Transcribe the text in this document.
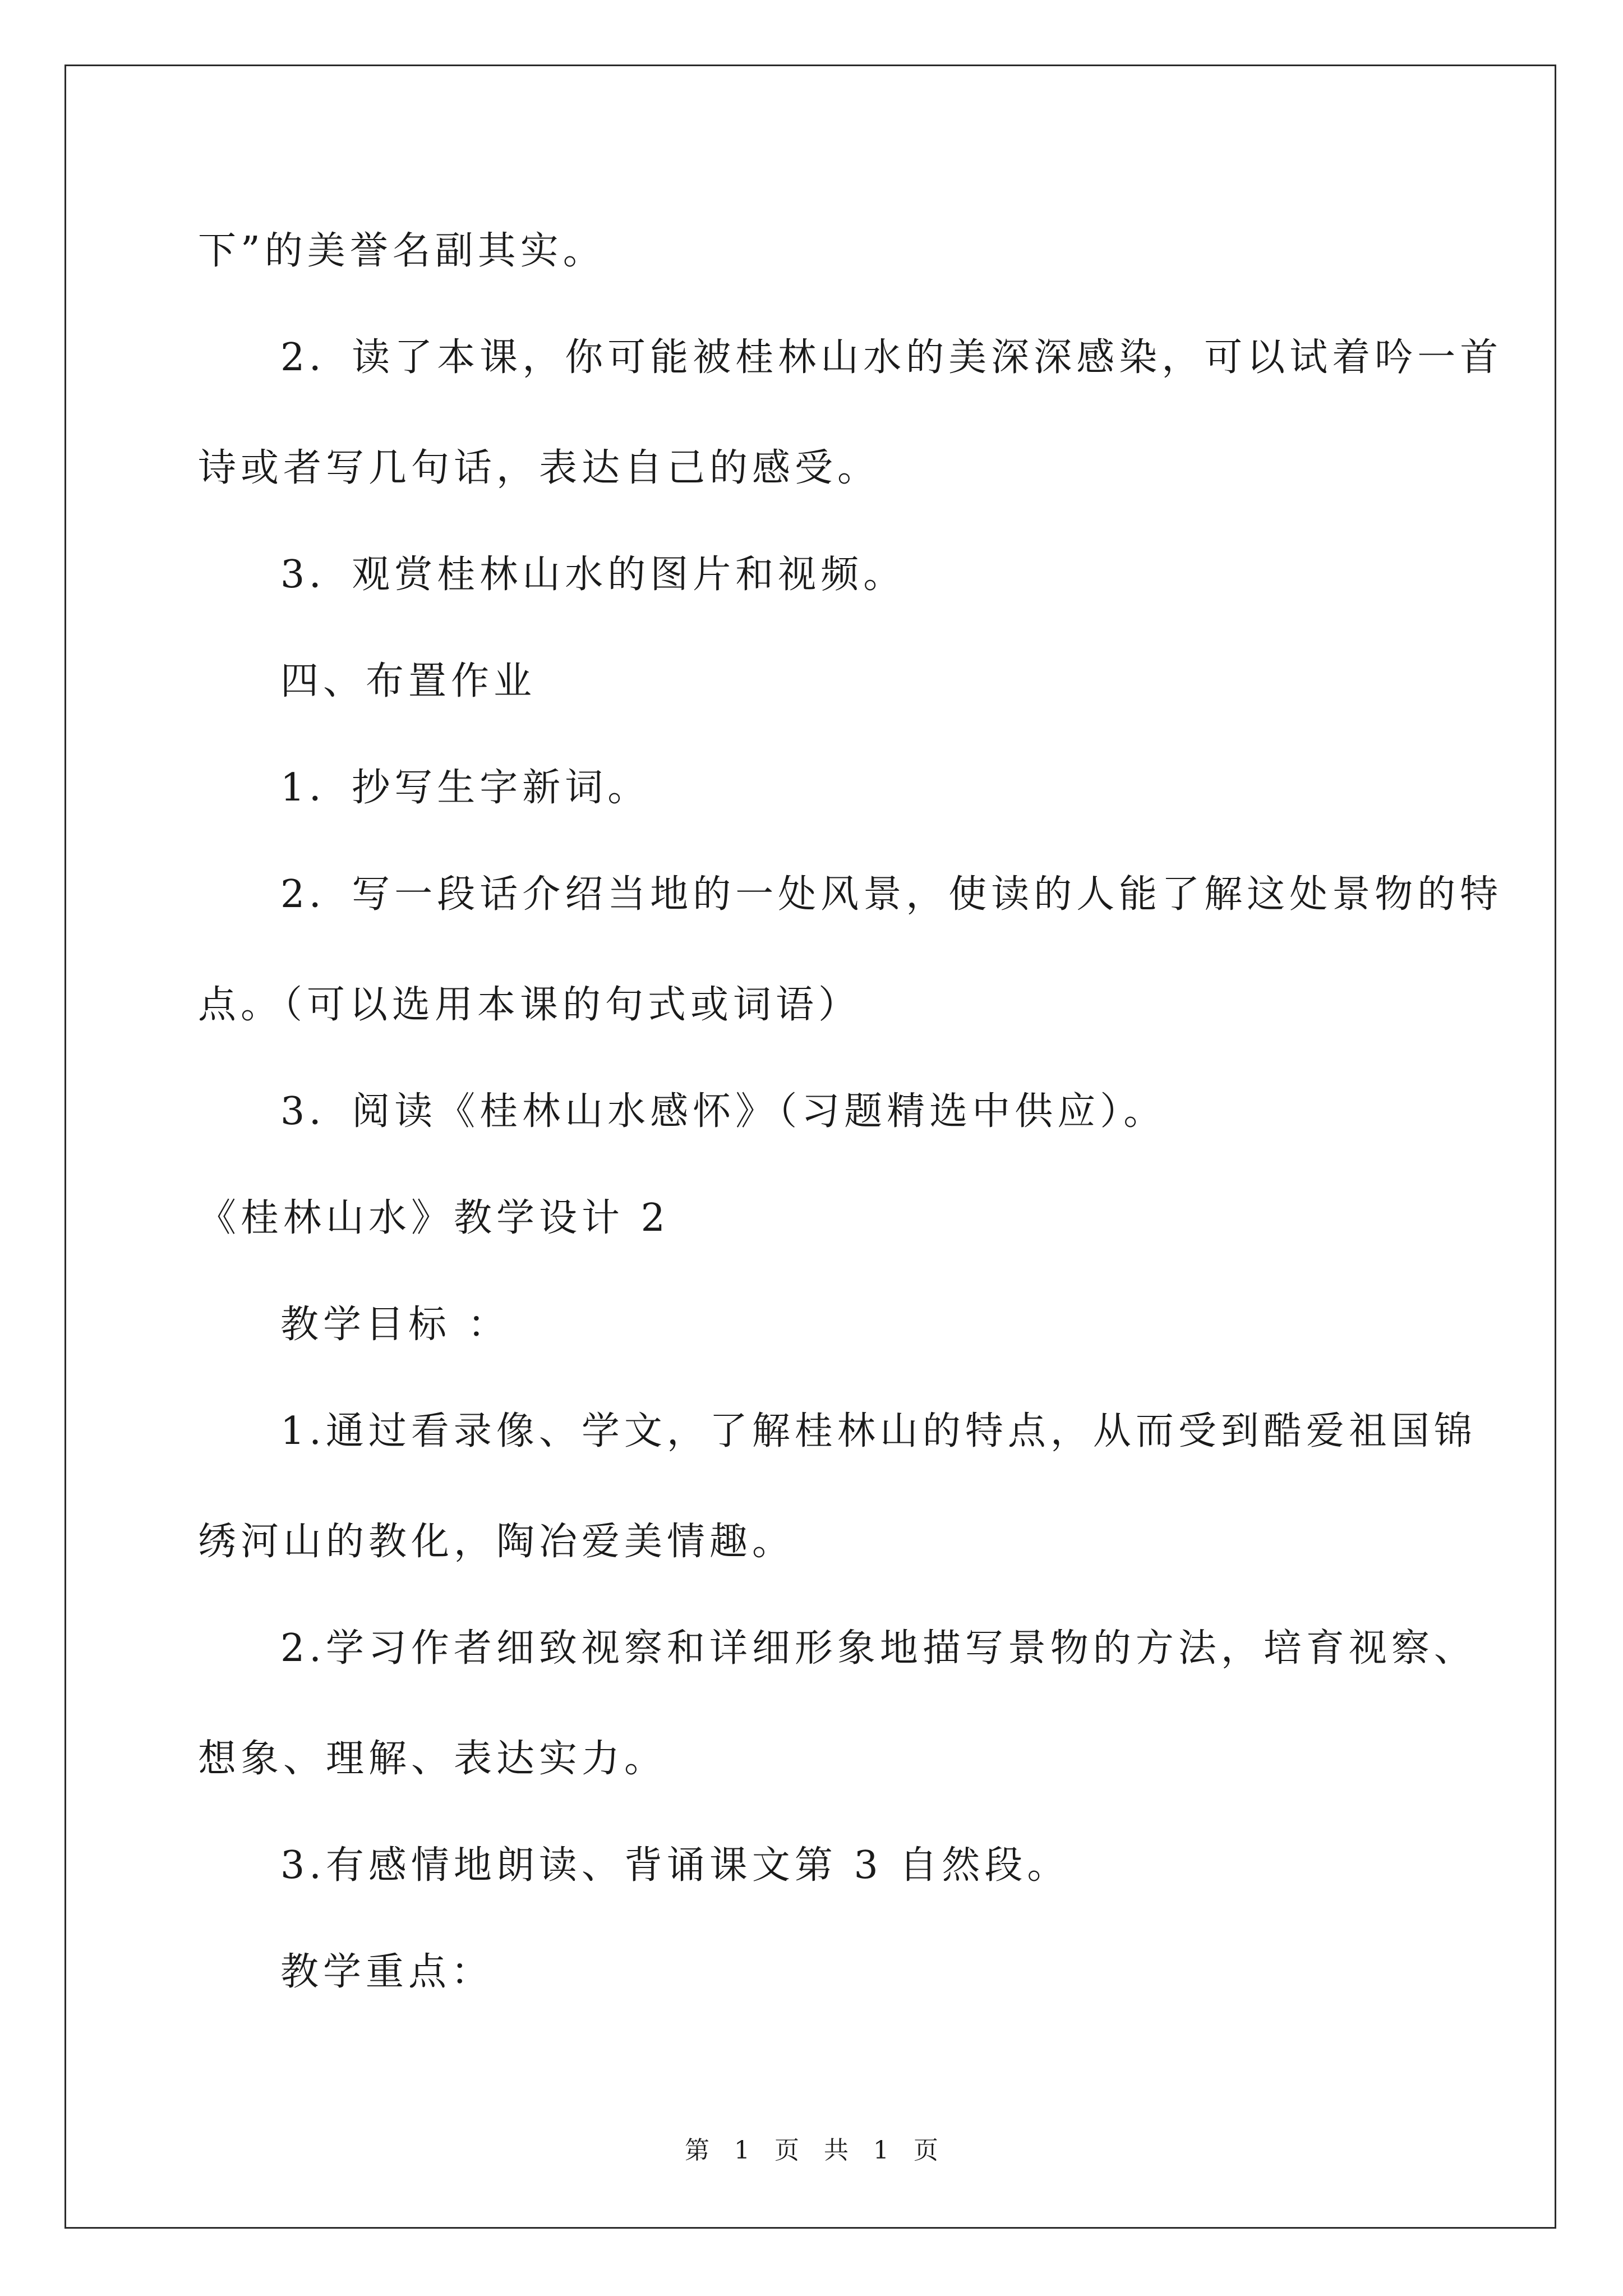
下”的美誉名副其实。
2．读了本课，你可能被桂林山水的美深深感染，可以试着吟一首
诗或者写几句话，表达自己的感受。
3．观赏桂林山水的图片和视频。
四、布置作业
1．抄写生字新词。
2．写一段话介绍当地的一处风景，使读的人能了解这处景物的特
点。（可以选用本课的句式或词语）
3．阅读《桂林山水感怀》（习题精选中供应）。
《桂林山水》教学设计 2
教学目标 ：
1.通过看录像、学文，了解桂林山的特点，从而受到酷爱祖国锦
绣河山的教化，陶冶爱美情趣。
2.学习作者细致视察和详细形象地描写景物的方法，培育视察、
想象、理解、表达实力。
3.有感情地朗读、背诵课文第 3 自然段。
教学重点：
第 1 页 共 1 页
